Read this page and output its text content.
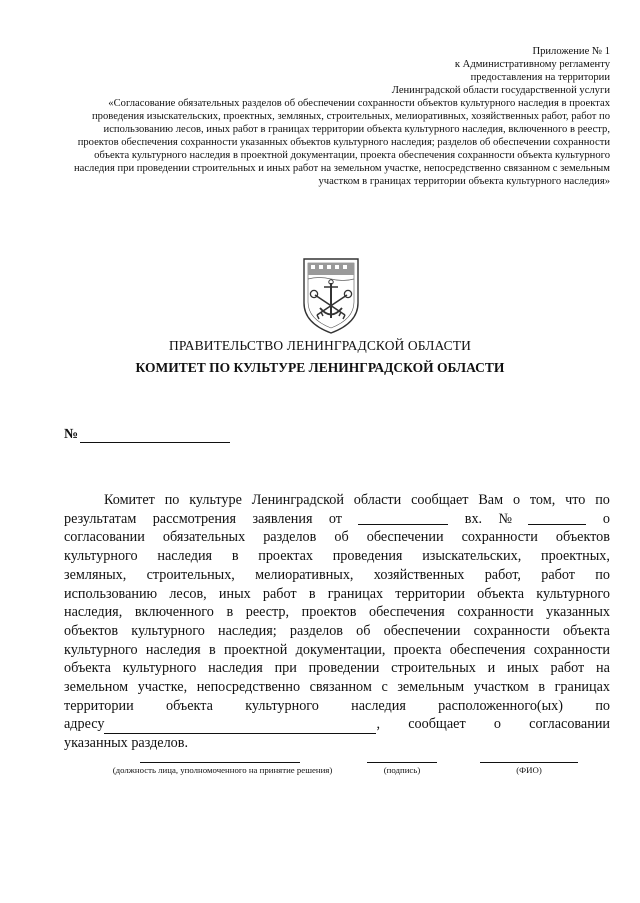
Приложение № 1
к Административному регламенту
предоставления на территории
Ленинградской области государственной услуги
«Согласование обязательных разделов об обеспечении сохранности объектов культурного наследия в проектах
проведения изыскательских, проектных, земляных, строительных, мелиоративных, хозяйственных работ, работ по
использованию лесов, иных работ в границах территории объекта культурного наследия, включенного в реестр,
проектов обеспечения сохранности указанных объектов культурного наследия; разделов об обеспечении сохранности
объекта культурного наследия в проектной документации, проекта обеспечения сохранности объекта культурного
наследия при проведении строительных и иных работ на земельном участке, непосредственно связанном с земельным
участком в границах территории объекта культурного наследия»
ПРАВИТЕЛЬСТВО ЛЕНИНГРАДСКОЙ ОБЛАСТИ
КОМИТЕТ ПО КУЛЬТУРЕ ЛЕНИНГРАДСКОЙ ОБЛАСТИ
№
Комитет по культуре Ленинградской области сообщает Вам о том, что по
результатам рассмотрения заявления от	вх. №	о
согласовании обязательных разделов об обеспечении сохранности объектов
культурного наследия в проектах проведения изыскательских, проектных,
земляных, строительных, мелиоративных, хозяйственных работ, работ по
использованию лесов, иных работ в границах территории объекта культурного
наследия, включенного в реестр, проектов обеспечения сохранности указанных
объектов культурного наследия; разделов об обеспечении сохранности объекта
культурного наследия в проектной документации, проекта обеспечения сохранности
объекта культурного наследия при проведении строительных и иных работ на
земельном участке, непосредственно связанном с земельным участком в границах
территории объекта культурного наследия расположенного(ых) по
адресу	, сообщает о согласовании
указанных разделов.
(должность лица, уполномоченного на принятие решения)	(подпись)	(ФИО)
